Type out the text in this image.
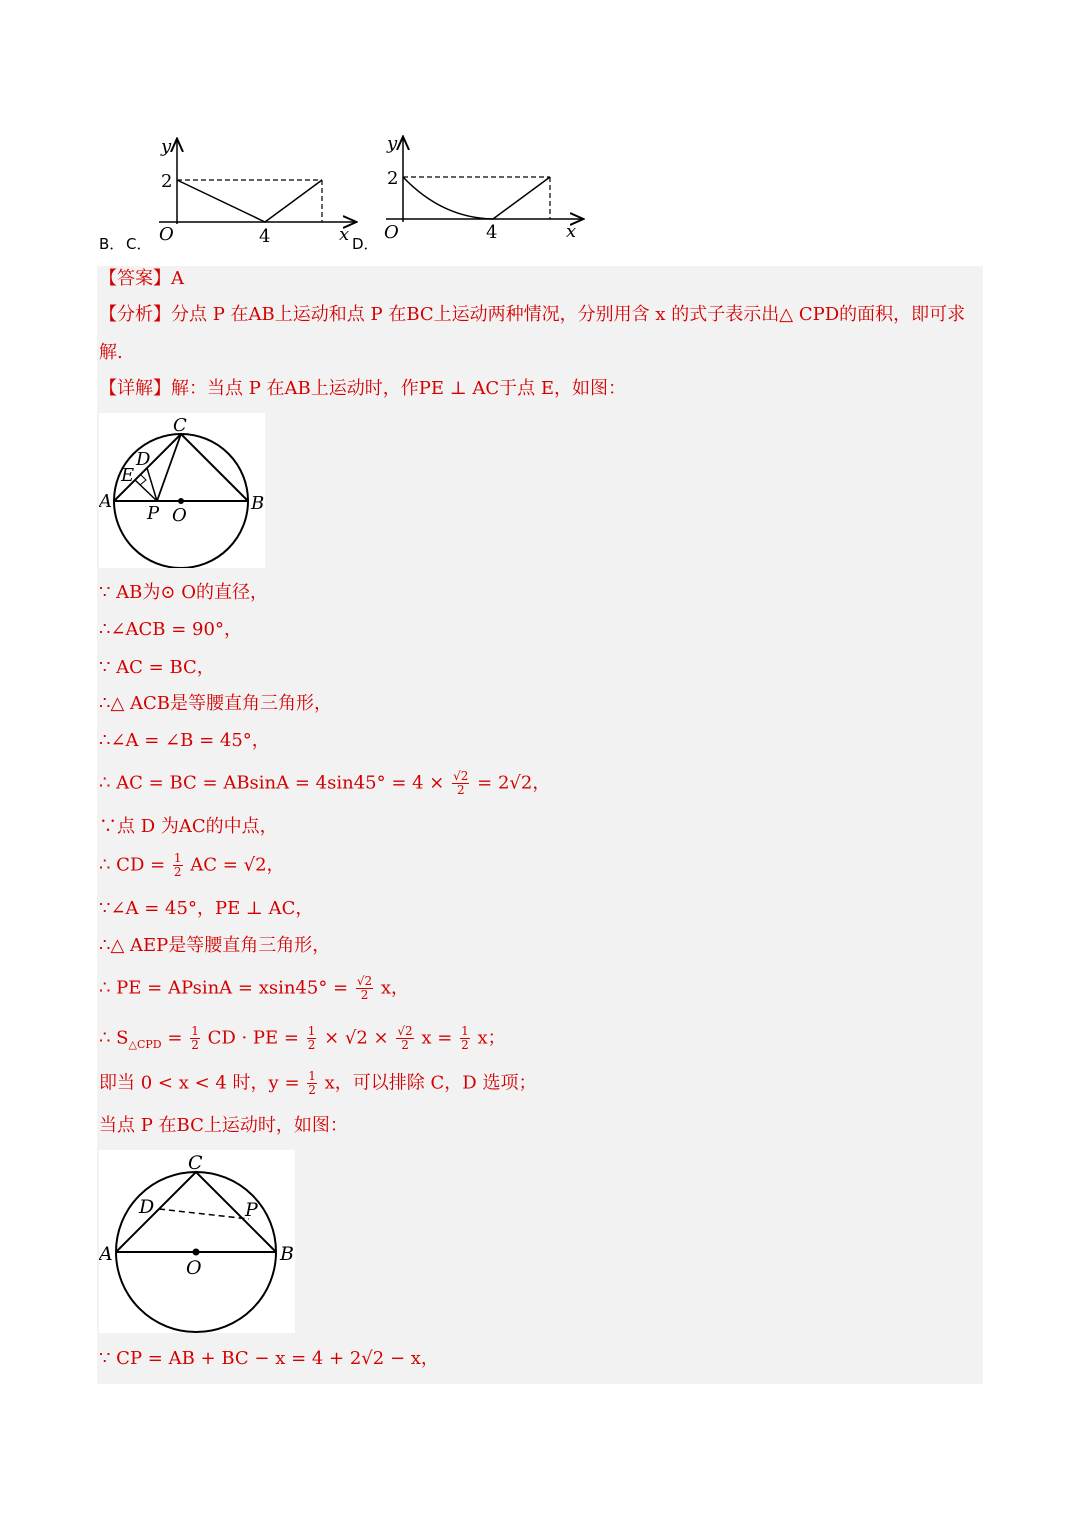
B． C．	D．
y
2
O	4	x
y
2
O	4	x
【答案】A
【分析】分点 P 在AB上运动和点 P 在BC上运动两种情况，分别用含 x 的式子表示出△ CPD的面积，即可求
解.
【详解】解：当点 P 在AB上运动时，作PE ⊥ AC于点 E，如图：
C
D
E
A
P O
B
∵ AB为⊙ O的直径，
∴∠ACB = 90°，
∵ AC = BC，
∴△ ACB是等腰直角三角形，
∴∠A = ∠B = 45°，
∴ AC = BC = $ABsinA = 4\sin 45^\circ = 4 \times \frac{√2}{2} = 2√2$，
∵点 D 为AC的中点，
∴ CD = $\frac{1}{2}$ AC = √2，
∵∠A = 45°，PE ⊥ AC，
∴△ AEP是等腰直角三角形，
∴ PE = $APsinA = xsin45^\circ = \frac{√2}{2}$ x，
∴ $S_{\triangle CPD} = \frac{1}{2}$ CD · PE = $\frac{1}{2} \times √2 \times \frac{√2}{2}$ $x = \frac{1}{2}$ x；
即当 0 < x < 4 时，$y = \frac{1}{2}$ x，可以排除 C，D 选项；
当点 P 在BC上运动时，如图：
C
D	P
A
O
B
∵ CP = AB + BC − x = 4 + 2√2 − x，
